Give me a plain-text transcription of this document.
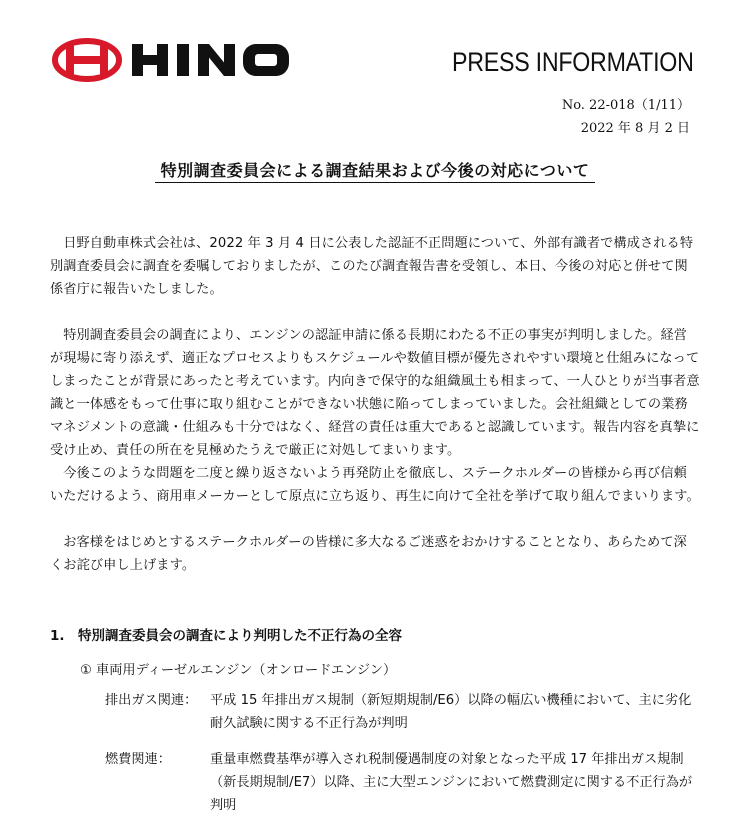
PRESS INFORMATION
No. 22-018（1/11）
2022 年 8 月 2 日
特別調査委員会による調査結果および今後の対応について

日野自動車株式会社は、2022 年 3 月 4 日に公表した認証不正問題について、外部有識者で構成される特別調査委員会に調査を委嘱しておりましたが、このたび調査報告書を受領し、本日、今後の対応と併せて関係省庁に報告いたしました。

特別調査委員会の調査により、エンジンの認証申請に係る長期にわたる不正の事実が判明しました。経営が現場に寄り添えず、適正なプロセスよりもスケジュールや数値目標が優先されやすい環境と仕組みになってしまったことが背景にあったと考えています。内向きで保守的な組織風土も相まって、一人ひとりが当事者意識と一体感をもって仕事に取り組むことができない状態に陥ってしまっていました。会社組織としての業務マネジメントの意識・仕組みも十分ではなく、経営の責任は重大であると認識しています。報告内容を真摯に受け止め、責任の所在を見極めたうえで厳正に対処してまいります。

今後このような問題を二度と繰り返さないよう再発防止を徹底し、ステークホルダーの皆様から再び信頼いただけるよう、商用車メーカーとして原点に立ち返り、再生に向けて全社を挙げて取り組んでまいります。

お客様をはじめとするステークホルダーの皆様に多大なるご迷惑をおかけすることとなり、あらためて深くお詫び申し上げます。

1. 特別調査委員会の調査により判明した不正行為の全容
① 車両用ディーゼルエンジン（オンロードエンジン）
排出ガス関連： 平成 15 年排出ガス規制（新短期規制/E6）以降の幅広い機種において、主に劣化耐久試験に関する不正行為が判明
燃費関連：	重量車燃費基準が導入され税制優遇制度の対象となった平成 17 年排出ガス規制（新長期規制/E7）以降、主に大型エンジンにおいて燃費測定に関する不正行為が判明
